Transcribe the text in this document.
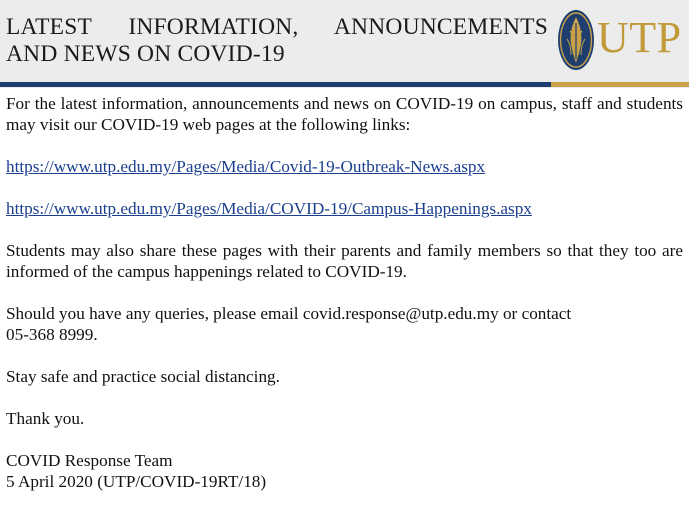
LATEST INFORMATION, ANNOUNCEMENTS
AND NEWS ON COVID-19	UTP

For the latest information, announcements and news on COVID-19 on campus, staff and students may visit our COVID-19 web pages at the following links:

https://www.utp.edu.my/Pages/Media/Covid-19-Outbreak-News.aspx

https://www.utp.edu.my/Pages/Media/COVID-19/Campus-Happenings.aspx

Students may also share these pages with their parents and family members so that they too are informed of the campus happenings related to COVID-19.

Should you have any queries, please email covid.response@utp.edu.my or contact
05-368 8999.

Stay safe and practice social distancing.

Thank you.

COVID Response Team
5 April 2020 (UTP/COVID-19RT/18)
